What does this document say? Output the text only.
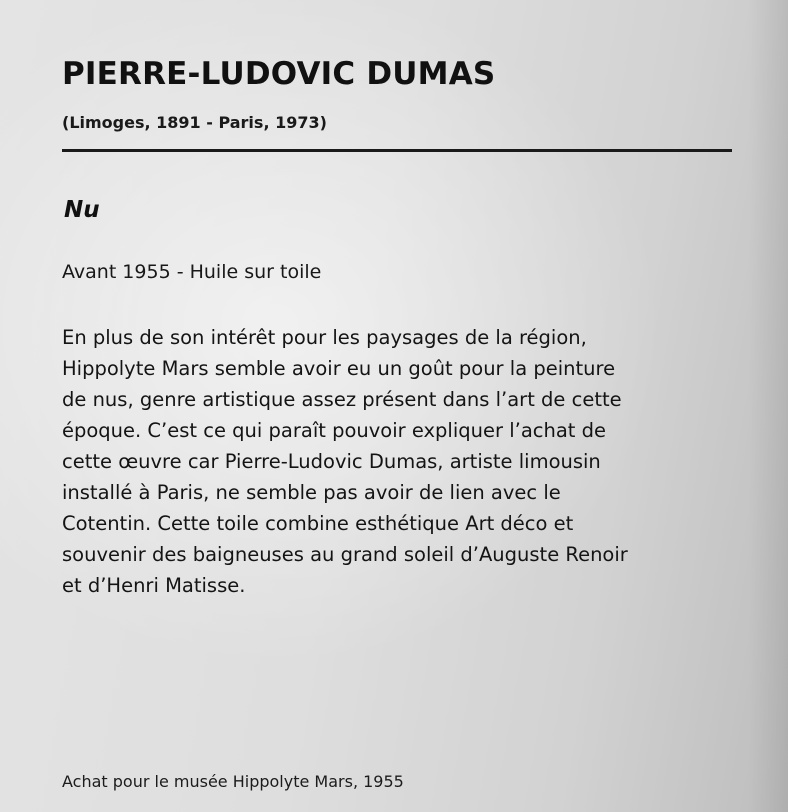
PIERRE-LUDOVIC DUMAS

(Limoges, 1891 - Paris, 1973)

Nu

Avant 1955 - Huile sur toile

En plus de son intérêt pour les paysages de la région,
Hippolyte Mars semble avoir eu un goût pour la peinture
de nus, genre artistique assez présent dans l’art de cette
époque. C’est ce qui paraît pouvoir expliquer l’achat de
cette œuvre car Pierre-Ludovic Dumas, artiste limousin
installé à Paris, ne semble pas avoir de lien avec le
Cotentin. Cette toile combine esthétique Art déco et
souvenir des baigneuses au grand soleil d’Auguste Renoir
et d’Henri Matisse.

Achat pour le musée Hippolyte Mars, 1955
